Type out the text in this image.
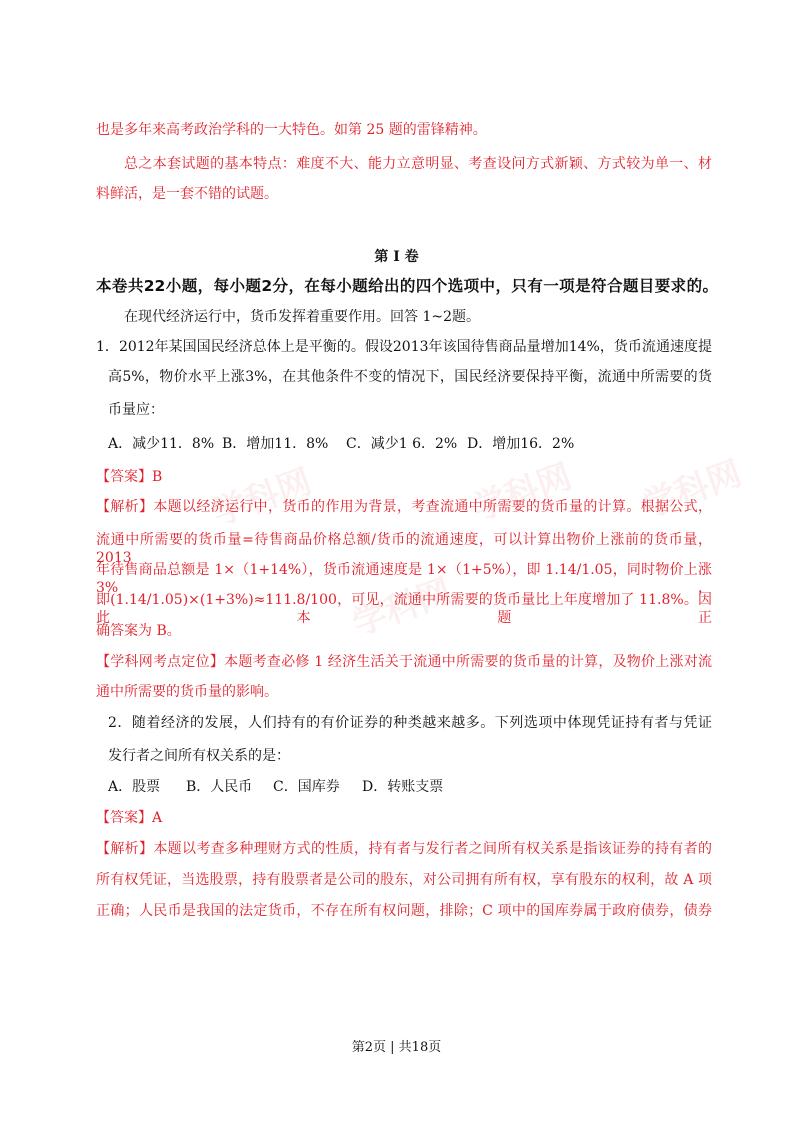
学科网	学科网 学科网
学科网
也是多年来高考政治学科的一大特色。如第 25 题的雷锋精神。
总之本套试题的基本特点：难度不大、能力立意明显、考查设问方式新颖、方式较为单一、材
料鲜活，是一套不错的试题。
第 I 卷
本卷共22小题，每小题2分，在每小题给出的四个选项中，只有一项是符合题目要求的。
在现代经济运行中，货币发挥着重要作用。回答 1~2题。
1．2012年某国国民经济总体上是平衡的。假设2013年该国待售商品量增加14%，货币流通速度提
高5%，物价水平上涨3%，在其他条件不变的情况下，国民经济要保持平衡，流通中所需要的货
币量应：
A．减少11．8% B．增加11．8% C．减少1 6．2% D．增加16．2%
【答案】B
【解析】本题以经济运行中，货币的作用为背景，考查流通中所需要的货币量的计算。根据公式，
流通中所需要的货币量=待售商品价格总额/货币的流通速度，可以计算出物价上涨前的货币量，2013
年待售商品总额是 1×（1+14%），货币流通速度是 1×（1+5%），即 1.14/1.05，同时物价上涨 3%，
即(1.14/1.05)×(1+3%)≈111.8/100，可见，流通中所需要的货币量比上年度增加了 11.8%。因此本题正
确答案为 B。
【学科网考点定位】本题考查必修 1 经济生活关于流通中所需要的货币量的计算，及物价上涨对流
通中所需要的货币量的影响。
2．随着经济的发展，人们持有的有价证券的种类越来越多。下列选项中体现凭证持有者与凭证
发行者之间所有权关系的是：
A．股票 B．人民币 C．国库券 D．转账支票
【答案】A
【解析】本题以考查多种理财方式的性质，持有者与发行者之间所有权关系是指该证券的持有者的
所有权凭证，当选股票，持有股票者是公司的股东，对公司拥有所有权，享有股东的权利，故 A 项
正确；人民币是我国的法定货币，不存在所有权问题，排除；C 项中的国库券属于政府债券，债券
第2页 | 共18页
